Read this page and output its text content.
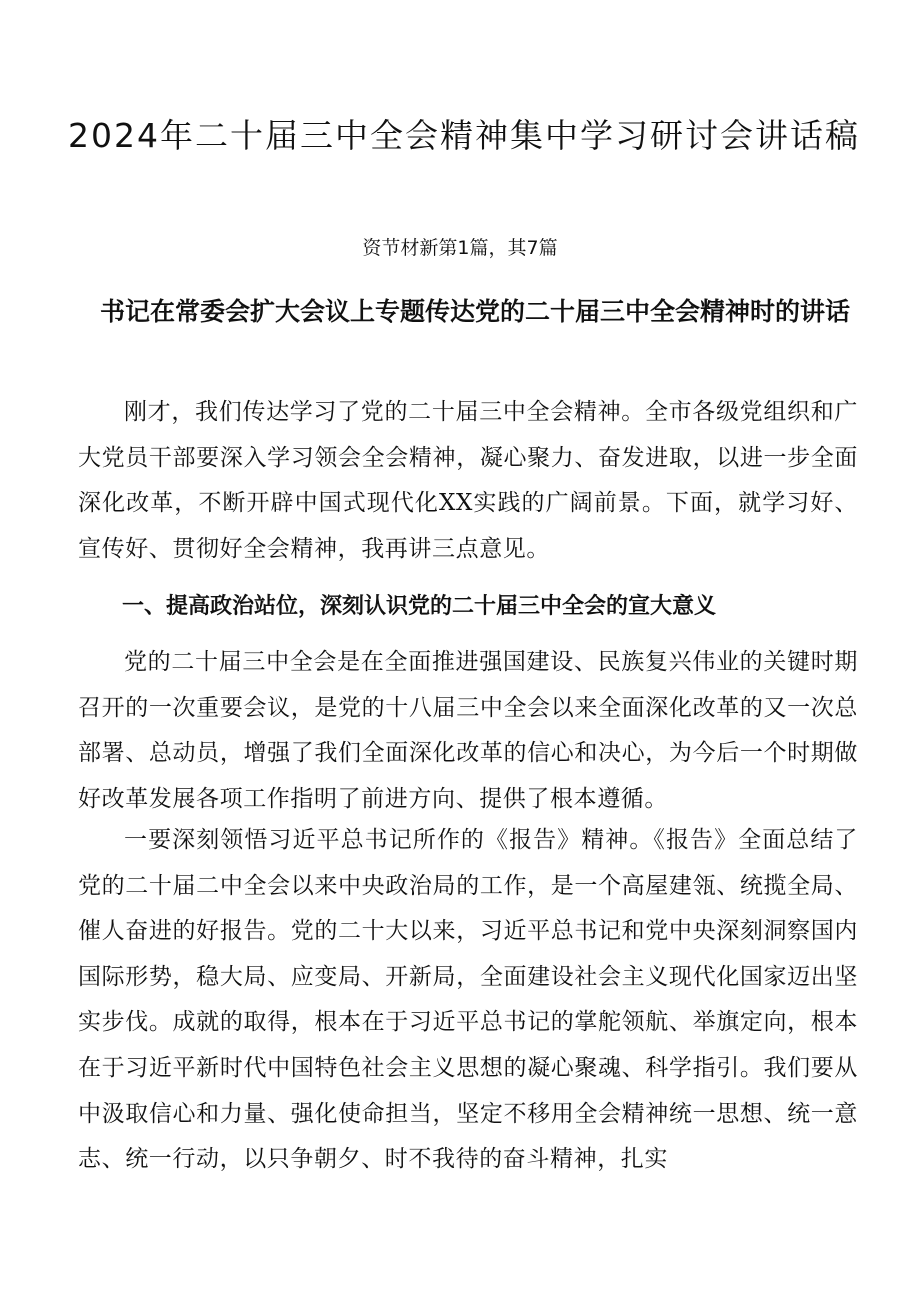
2024年二十届三中全会精神集中学习研讨会讲话稿
资节材新第1篇，其7篇
书记在常委会扩大会议上专题传达党的二十届三中全会精神时的讲话

刚才，我们传达学习了党的二十届三中全会精神。全市各级党组织和广大党员干部要深入学习领会全会精神，凝心聚力、奋发进取，以进一步全面深化改革，不断开辟中国式现代化XX实践的广阔前景。下面，就学习好、宣传好、贯彻好全会精神，我再讲三点意见。

一、提高政治站位，深刻认识党的二十届三中全会的宣大意义

党的二十届三中全会是在全面推进强国建设、民族复兴伟业的关键时期召开的一次重要会议，是党的十八届三中全会以来全面深化改革的又一次总部署、总动员，增强了我们全面深化改革的信心和决心，为今后一个时期做好改革发展各项工作指明了前进方向、提供了根本遵循。

一要深刻领悟习近平总书记所作的《报告》精神。《报告》全面总结了党的二十届二中全会以来中央政治局的工作，是一个高屋建瓴、统揽全局、催人奋进的好报告。党的二十大以来，习近平总书记和党中央深刻洞察国内国际形势，稳大局、应变局、开新局，全面建设社会主义现代化国家迈出坚实步伐。成就的取得，根本在于习近平总书记的掌舵领航、举旗定向，根本在于习近平新时代中国特色社会主义思想的凝心聚魂、科学指引。我们要从中汲取信心和力量、强化使命担当，坚定不移用全会精神统一思想、统一意志、统一行动，以只争朝夕、时不我待的奋斗精神，扎实
